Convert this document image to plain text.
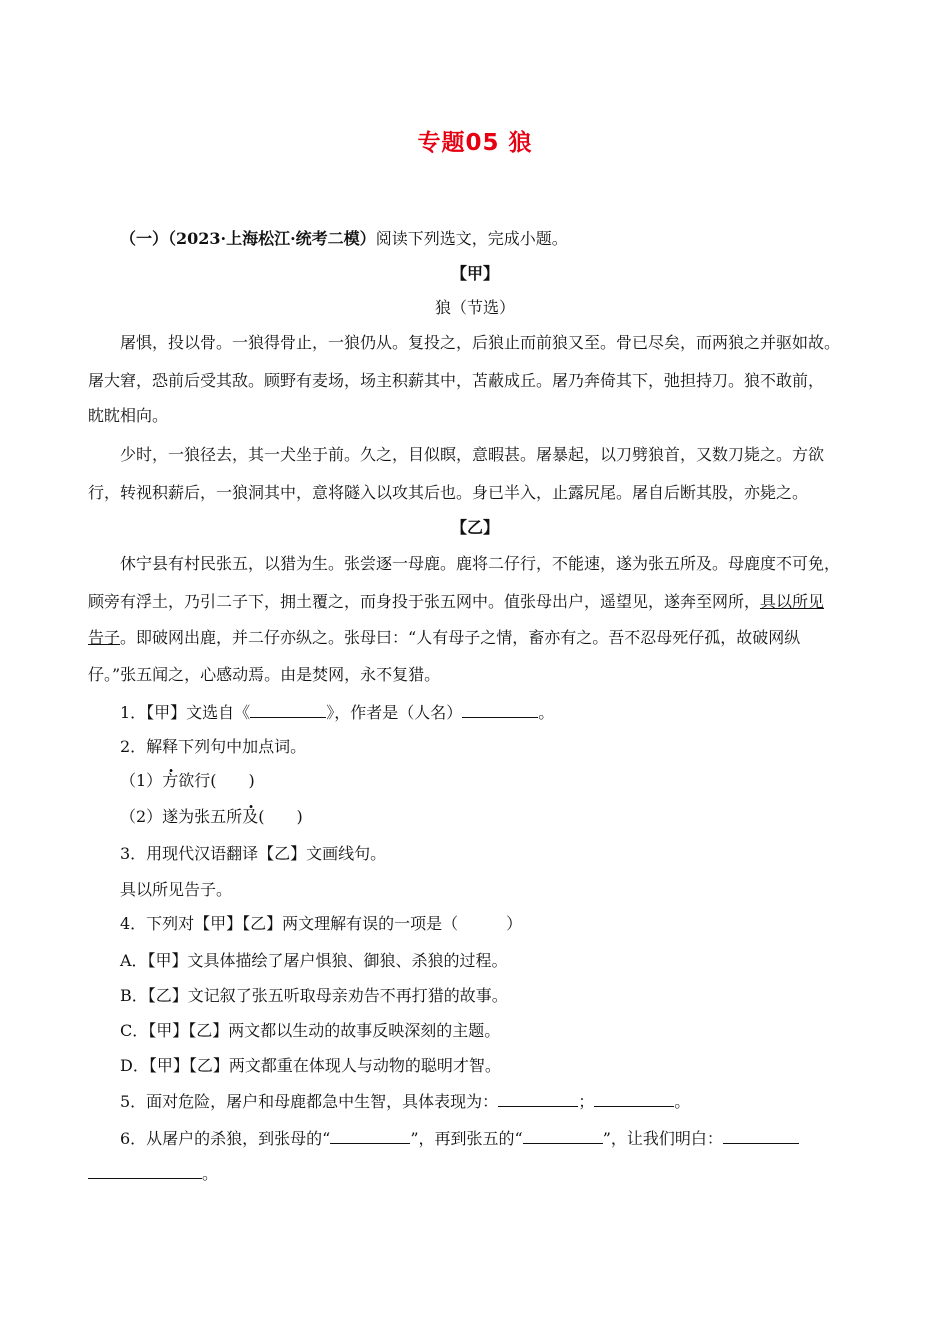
专题05 狼
（一）（2023·上海松江·统考二模）阅读下列选文，完成小题。
【甲】
狼（节选）
屠惧，投以骨。一狼得骨止，一狼仍从。复投之，后狼止而前狼又至。骨已尽矣，而两狼之并驱如故。
屠大窘，恐前后受其敌。顾野有麦场，场主积薪其中，苫蔽成丘。屠乃奔倚其下，弛担持刀。狼不敢前，
眈眈相向。
少时，一狼径去，其一犬坐于前。久之，目似瞑，意暇甚。屠暴起，以刀劈狼首，又数刀毙之。方欲
行，转视积薪后，一狼洞其中，意将隧入以攻其后也。身已半入，止露尻尾。屠自后断其股，亦毙之。
【乙】
休宁县有村民张五，以猎为生。张尝逐一母鹿。鹿将二仔行，不能速，遂为张五所及。母鹿度不可免，
顾旁有浮土，乃引二子下，拥土覆之，而身投于张五网中。值张母出户，遥望见，遂奔至网所，具以所见
告子。即破网出鹿，并二仔亦纵之。张母曰：“人有母子之情，畜亦有之。吾不忍母死仔孤，故破网纵
仔。”张五闻之，心感动焉。由是焚网，永不复猎。
1．【甲】文选自《	》，作者是（人名）	。
2．解释下列句中加点词。
（1）方欲行(　　)
（2）遂为张五所及(　　)
3．用现代汉语翻译【乙】文画线句。
具以所见告子。
4．下列对【甲】【乙】两文理解有误的一项是（　　　）
A．【甲】文具体描绘了屠户惧狼、御狼、杀狼的过程。
B．【乙】文记叙了张五听取母亲劝告不再打猎的故事。
C．【甲】【乙】两文都以生动的故事反映深刻的主题。
D．【甲】【乙】两文都重在体现人与动物的聪明才智。
5．面对危险，屠户和母鹿都急中生智，具体表现为：	；	。
6．从屠户的杀狼，到张母的“	”，再到张五的“	”，让我们明白：
。
